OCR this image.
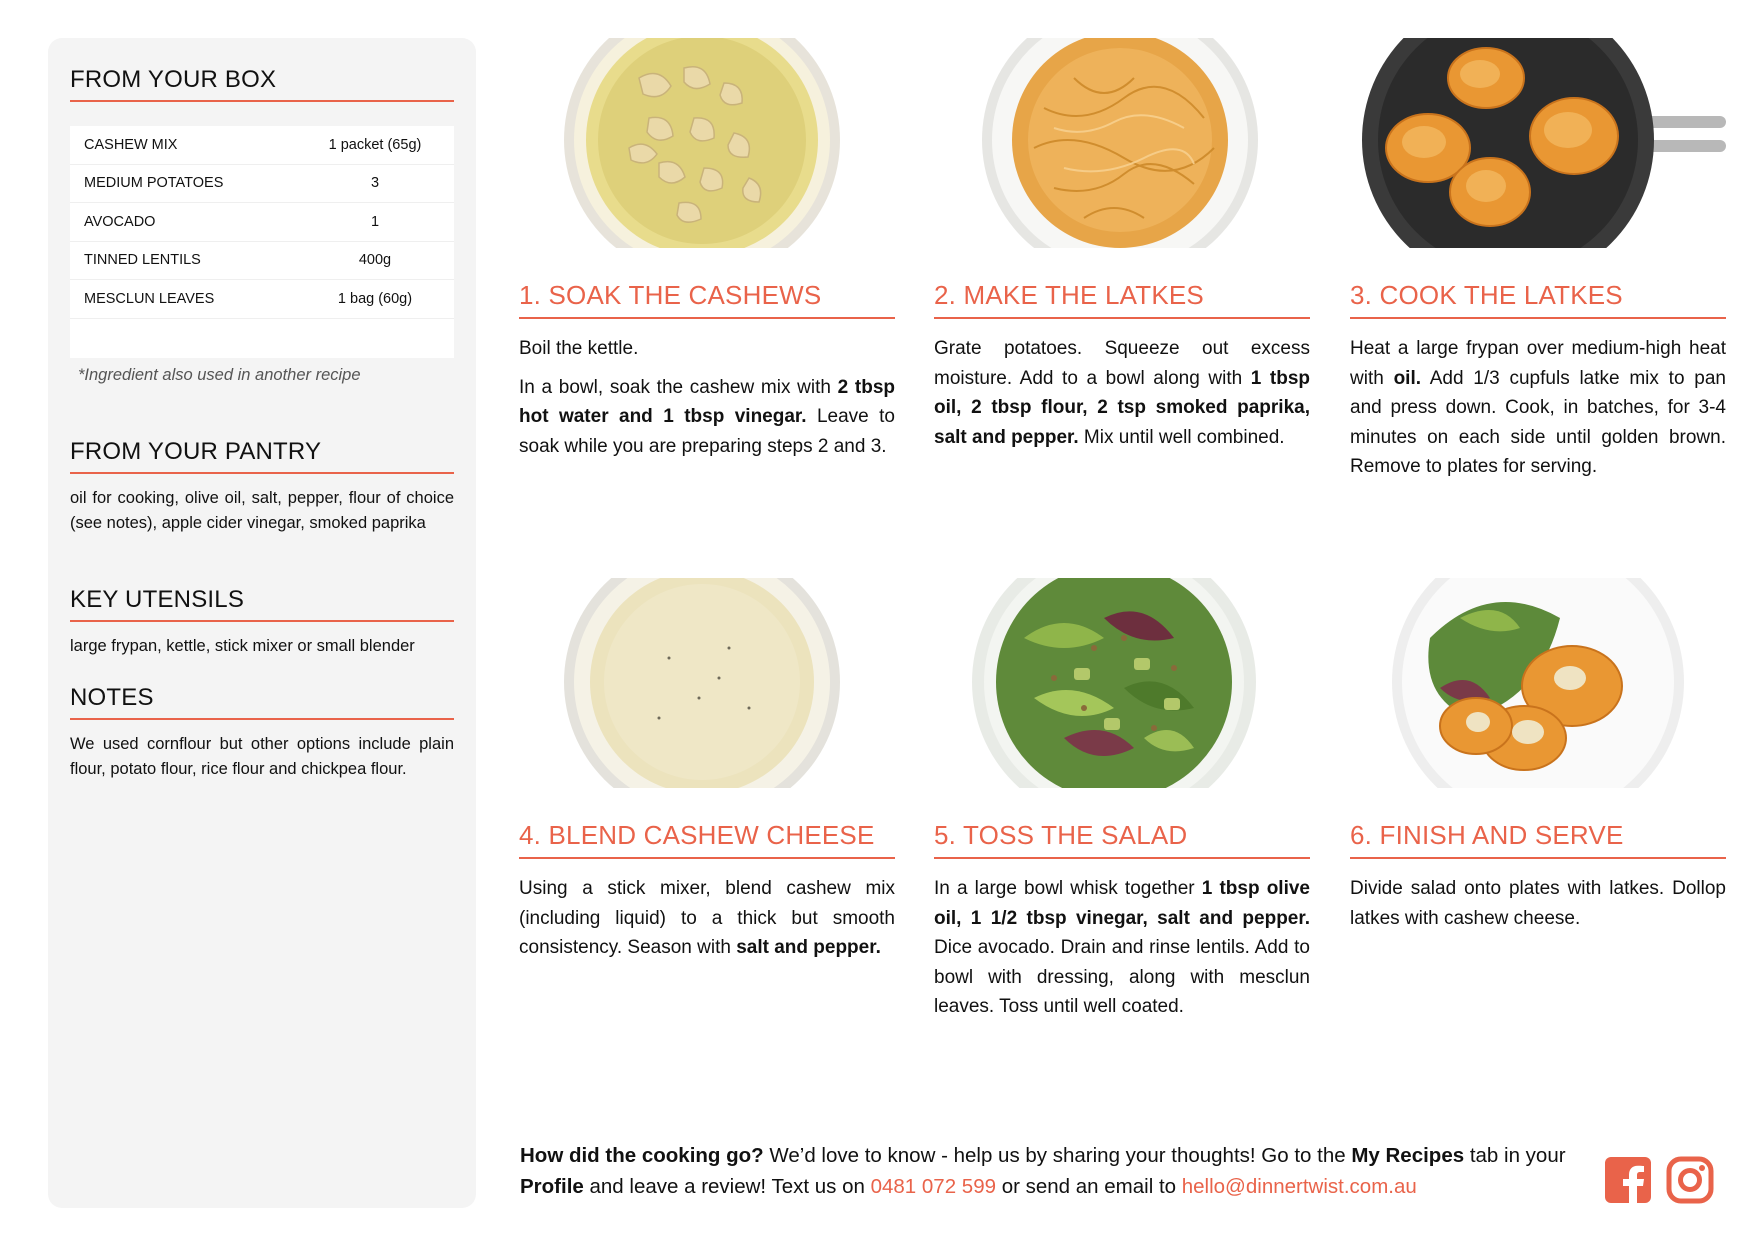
FROM YOUR BOX
CASHEW MIX	1 packet (65g)
MEDIUM POTATOES	3
AVOCADO	1
TINNED LENTILS	400g
MESCLUN LEAVES	1 bag (60g)
*Ingredient also used in another recipe
FROM YOUR PANTRY
oil for cooking, olive oil, salt, pepper, flour of choice (see notes), apple cider vinegar, smoked paprika
KEY UTENSILS
large frypan, kettle, stick mixer or small blender
NOTES
We used cornflour but other options include plain flour, potato flour, rice flour and chickpea flour.
1. SOAK THE CASHEWS

Boil the kettle.

In a bowl, soak the cashew mix with 2 tbsp hot water and 1 tbsp vinegar. Leave to soak while you are preparing steps 2 and 3.

2. MAKE THE LATKES

Grate potatoes. Squeeze out excess moisture. Add to a bowl along with 1 tbsp oil, 2 tbsp flour, 2 tsp smoked paprika, salt and pepper. Mix until well combined.

3. COOK THE LATKES

Heat a large frypan over medium-high heat with oil. Add 1/3 cupfuls latke mix to pan and press down. Cook, in batches, for 3-4 minutes on each side until golden brown. Remove to plates for serving.

4. BLEND CASHEW CHEESE

Using a stick mixer, blend cashew mix (including liquid) to a thick but smooth consistency. Season with salt and pepper.

5. TOSS THE SALAD

In a large bowl whisk together 1 tbsp olive oil, 1 1/2 tbsp vinegar, salt and pepper. Dice avocado. Drain and rinse lentils. Add to bowl with dressing, along with mesclun leaves. Toss until well coated.

6. FINISH AND SERVE

Divide salad onto plates with latkes. Dollop latkes with cashew cheese.

How did the cooking go? We’d love to know - help us by sharing your thoughts! Go to the My Recipes tab in your Profile and leave a review! Text us on 0481 072 599 or send an email to hello@dinnertwist.com.au
